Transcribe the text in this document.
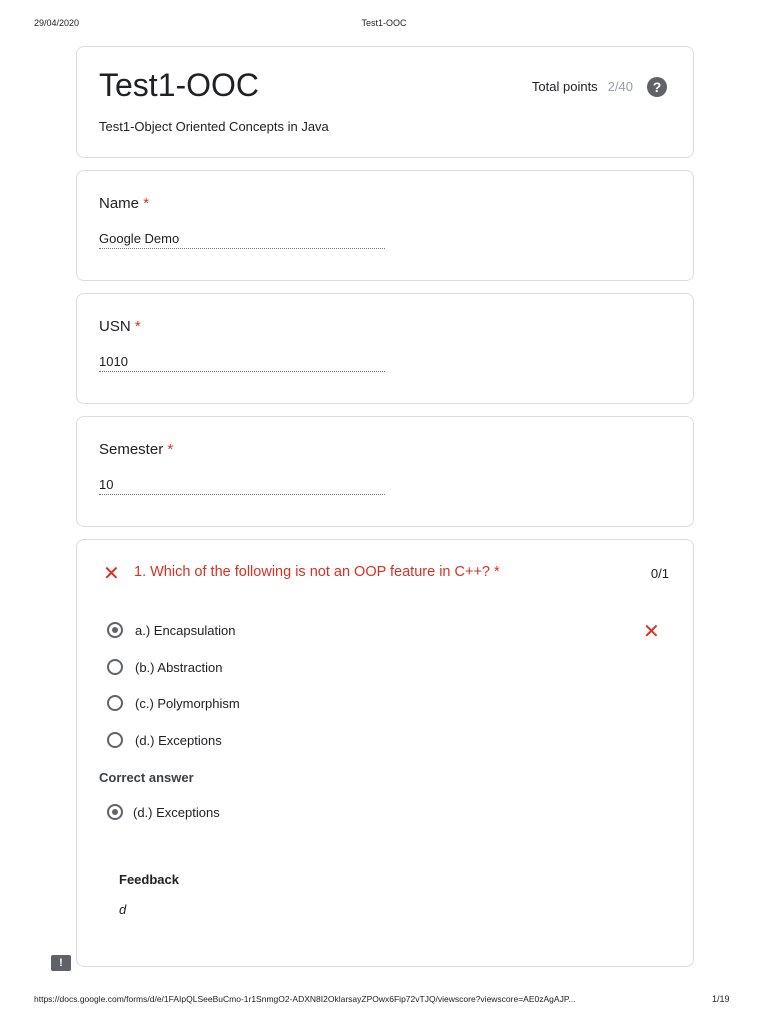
29/04/2020	Test1-OOC
Test1-OOC
Test1-Object Oriented Concepts in Java
Total points 2/40	?
Name *
Google Demo
USN *
1010
Semester *
10
✕ 1. Which of the following is not an OOP feature in C++? *	0/1
a.) Encapsulation	✕
(b.) Abstraction
(c.) Polymorphism
(d.) Exceptions
Correct answer
(d.) Exceptions
Feedback
d
!
https://docs.google.com/forms/d/e/1FAIpQLSeeBuCmo-1r1SnmgO2-ADXN8I2OklarsayZPOwx6Fip72vTJQ/viewscore?viewscore=AE0zAgAJP...	1/19
